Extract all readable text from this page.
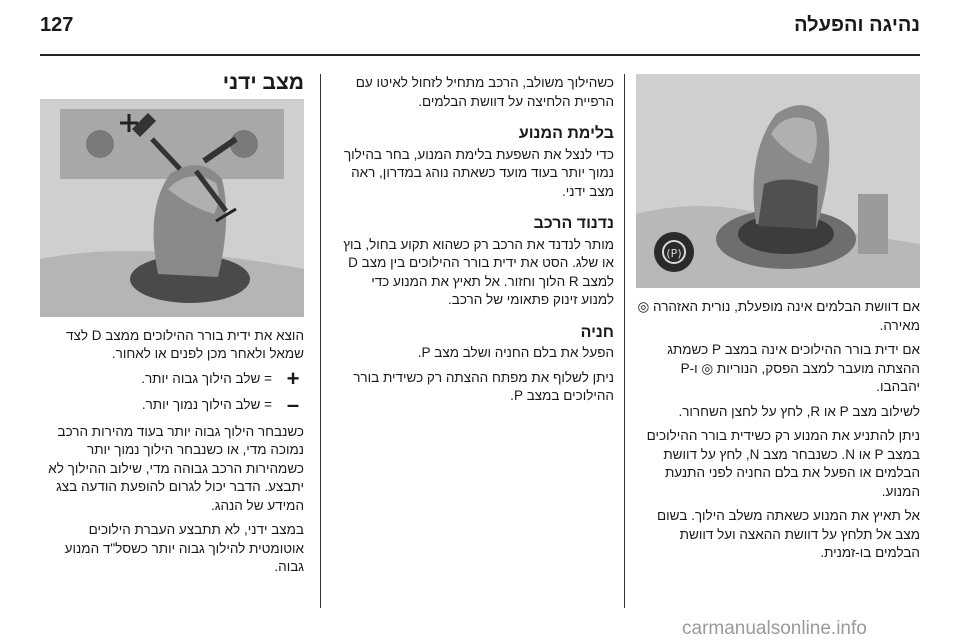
127	נהיגה והפעלה
(P)

אם דוושת הבלמים אינה מופעלת, נורית האזהרה ◎ מאירה.

אם ידית בורר ההילוכים אינה במצב P כשמתג ההצתה מועבר למצב הפסק, הנוריות ◎ ו-P יהבהבו.

לשילוב מצב P או R, לחץ על לחצן השחרור.

ניתן להתניע את המנוע רק כשידית בורר ההילוכים במצב P או N. כשנבחר מצב N, לחץ על דוושת הבלמים או הפעל את בלם החניה לפני התנעת המנוע.

אל תאיץ את המנוע כשאתה משלב הילוך. בשום מצב אל תלחץ על דוושת ההאצה ועל דוושת הבלמים בו-זמנית.

כשהילוך משולב, הרכב מתחיל לזחול לאיטו עם הרפיית הלחיצה על דוושת הבלמים.

בלימת המנוע

כדי לנצל את השפעת בלימת המנוע, בחר בהילוך נמוך יותר בעוד מועד כשאתה נוהג במדרון, ראה מצב ידני.

נדנוד הרכב

מותר לנדנד את הרכב רק כשהוא תקוע בחול, בוץ או שלג. הסט את ידית בורר ההילוכים בין מצב D למצב R הלוך וחזור. אל תאיץ את המנוע כדי למנוע זינוק פתאומי של הרכב.

חניה

הפעל את בלם החניה ושלב מצב P.

ניתן לשלוף את מפתח ההצתה רק כשידית בורר ההילוכים במצב P.

מצב ידני

הוצא את ידית בורר ההילוכים ממצב D לצד שמאל ולאחר מכן לפנים או לאחור.

+
= שלב הילוך גבוה יותר.
–
= שלב הילוך נמוך יותר.

כשנבחר הילוך גבוה יותר בעוד מהירות הרכב נמוכה מדי, או כשנבחר הילוך נמוך יותר כשמהירות הרכב גבוהה מדי, שילוב ההילוך לא יתבצע. הדבר יכול לגרום להופעת הודעה בצג המידע של הנהג.

במצב ידני, לא תתבצע העברת הילוכים אוטומטית להילוך גבוה יותר כשסל"ד המנוע גבוה.

carmanualsonline.info
